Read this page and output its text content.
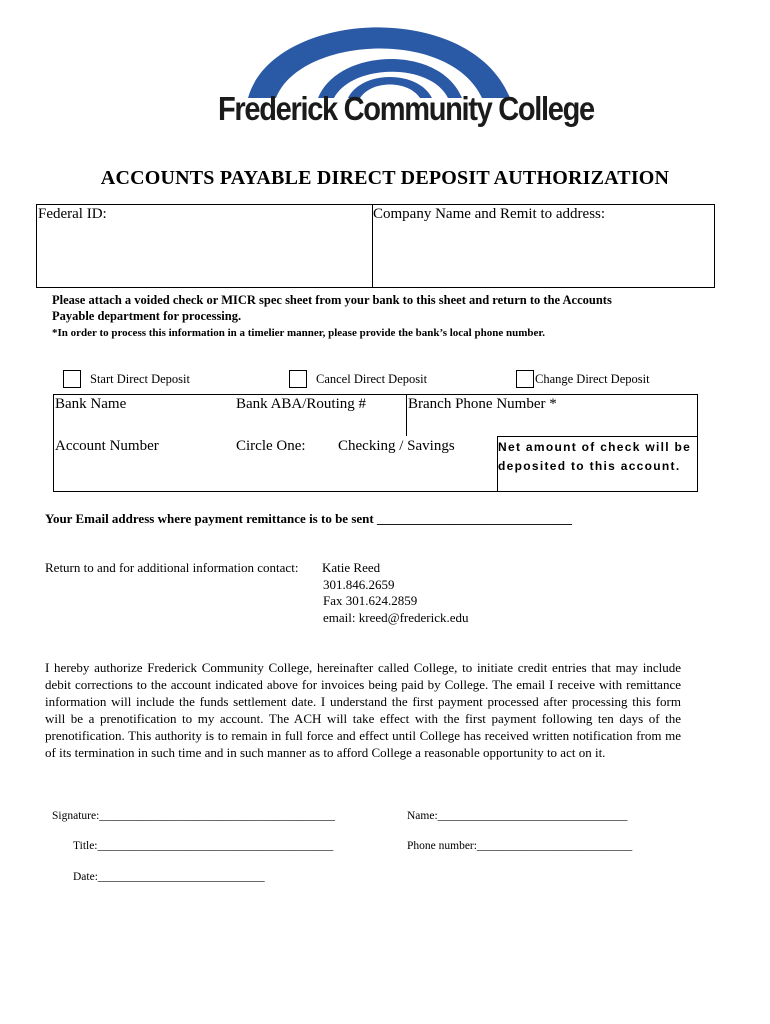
Frederick Community College
ACCOUNTS PAYABLE DIRECT DEPOSIT AUTHORIZATION
Federal ID:	Company Name and Remit to address:
Please attach a voided check or MICR spec sheet from your bank to this sheet and return to the Accounts
Payable department for processing.
*In order to process this information in a timelier manner, please provide the bank’s local phone number.
Start Direct Deposit	Cancel Direct Deposit	Change Direct Deposit
Bank Name	Bank ABA/Routing #	Branch Phone Number *
Account Number	Circle One: Checking / Savings	Net amount of check will be
deposited to this account.
Your Email address where payment remittance is to be sent ______________________________
Return to and for additional information contact: Katie Reed
301.846.2659
Fax 301.624.2859
email: kreed@frederick.edu
I hereby authorize Frederick Community College, hereinafter called College, to initiate credit entries that may include debit corrections to the account indicated above for invoices being paid by College. The email I receive with remittance information will include the funds settlement date. I understand the first payment processed after processing this form will be a prenotification to my account. The ACH will take effect with the first payment following ten days of the prenotification. This authority is to remain in full force and effect until College has received written notification from me of its termination in such time and in such manner as to afford College a reasonable opportunity to act on it.
Signature:_________________________________________	Name:_________________________________
Title:_________________________________________	Phone number:___________________________
Date:_____________________________
